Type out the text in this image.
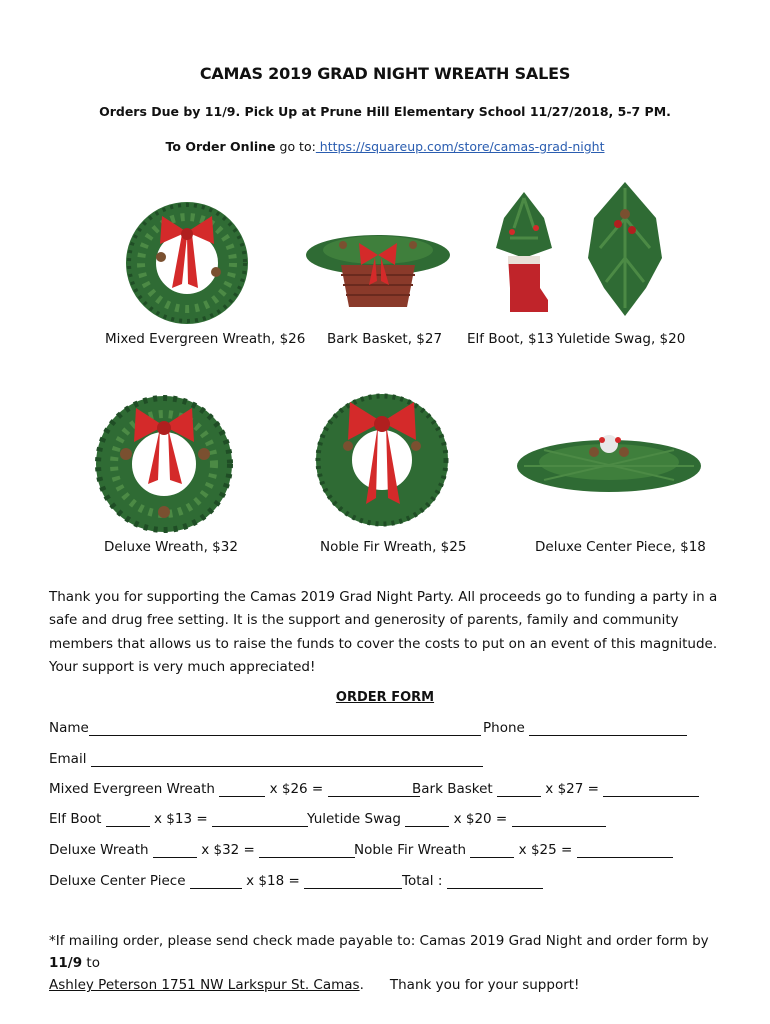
CAMAS 2019 GRAD NIGHT WREATH SALES
Orders Due by 11/9. Pick Up at Prune Hill Elementary School 11/27/2018, 5-7 PM.
To Order Online go to: https://squareup.com/store/camas-grad-night
Mixed Evergreen Wreath, $26 Bark Basket, $27 Elf Boot, $13 Yuletide Swag, $20
Deluxe Wreath, $32	Noble Fir Wreath, $25	Deluxe Center Piece, $18
Thank you for supporting the Camas 2019 Grad Night Party. All proceeds go to funding a party in a safe and drug free setting. It is the support and generosity of parents, family and community members that allows us to raise the funds to cover the costs to put on an event of this magnitude. Your support is very much appreciated!
ORDER FORM
Name	Phone
Email
Mixed Evergreen Wreath	x $26 =	Bark Basket	x $27 =
Elf Boot	x $13 =	Yuletide Swag	x $20 =
Deluxe Wreath	x $32 =	Noble Fir Wreath	x $25 =
Deluxe Center Piece	x $18 =	Total :
*If mailing order, please send check made payable to: Camas 2019 Grad Night and order form by 11/9 to
Ashley Peterson 1751 NW Larkspur St. Camas. Thank you for your support!
